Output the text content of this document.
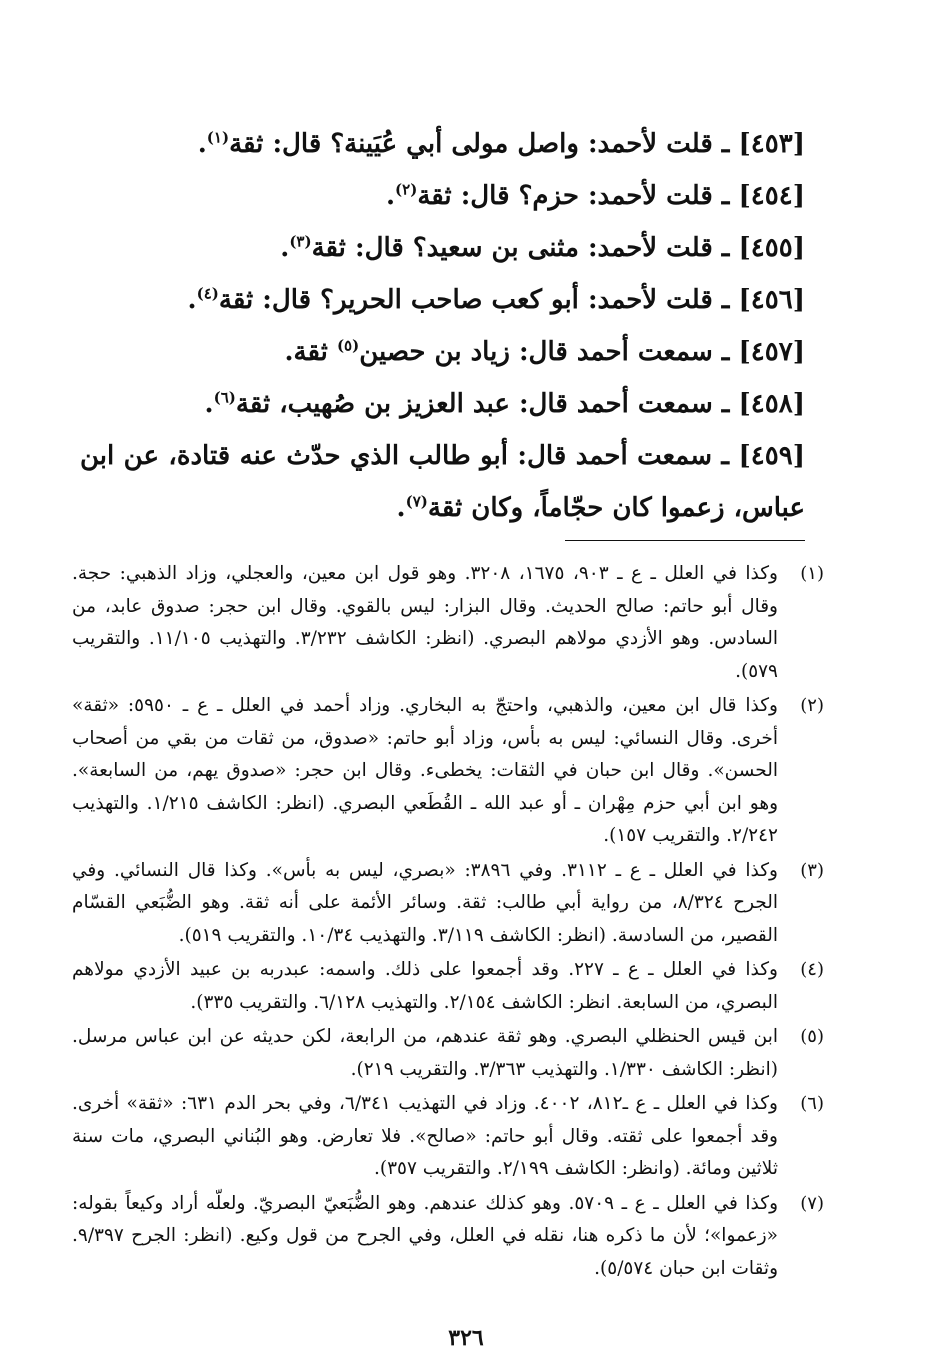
[٤٥٣] ـ قلت لأحمد: واصل مولى أبي عُيَينة؟ قال: ثقة$^{(١)}$.
[٤٥٤] ـ قلت لأحمد: حزم؟ قال: ثقة$^{(٢)}$.
[٤٥٥] ـ قلت لأحمد: مثنى بن سعيد؟ قال: ثقة$^{(٣)}$.
[٤٥٦] ـ قلت لأحمد: أبو كعب صاحب الحرير؟ قال: ثقة$^{(٤)}$.
[٤٥٧] ـ سمعت أحمد قال: زياد بن حصين$^{(٥)}$ ثقة.
[٤٥٨] ـ سمعت أحمد قال: عبد العزيز بن صُهيب، ثقة$^{(٦)}$.
[٤٥٩] ـ سمعت أحمد قال: أبو طالب الذي حدّث عنه قتادة، عن ابن عباس، زعموا كان حجّاماً، وكان ثقة$^{(٧)}$.
(١)
وكذا في العلل ـ ع ـ ٩٠٣، ١٦٧٥، ٣٢٠٨. وهو قول ابن معين، والعجلي، وزاد الذهبي: حجة. وقال أبو حاتم: صالح الحديث. وقال البزار: ليس بالقوي. وقال ابن حجر: صدوق عابد، من السادس. وهو الأزدي مولاهم البصري. (انظر: الكاشف ٣/٢٣٢. والتهذيب ١١/١٠٥. والتقريب ٥٧٩).
(٢)
وكذا قال ابن معين، والذهبي، واحتجّ به البخاري. وزاد أحمد في العلل ـ ع ـ ٥٩٥٠: «ثقة» أخرى. وقال النسائي: ليس به بأس، وزاد أبو حاتم: «صدوق، من ثقات من بقي من أصحاب الحسن». وقال ابن حبان في الثقات: يخطىء. وقال ابن حجر: «صدوق يهم، من السابعة». وهو ابن أبي حزم مِهْران ـ أو عبد الله ـ القُطَعي البصري. (انظر: الكاشف ١/٢١٥. والتهذيب ٢/٢٤٢. والتقريب ١٥٧).
(٣)
وكذا في العلل ـ ع ـ ٣١١٢. وفي ٣٨٩٦: «بصري، ليس به بأس». وكذا قال النسائي. وفي الجرح ٨/٣٢٤، من رواية أبي طالب: ثقة. وسائر الأئمة على أنه ثقة. وهو الضُّبَعي القسّام القصير، من السادسة. (انظر: الكاشف ٣/١١٩. والتهذيب ١٠/٣٤. والتقريب ٥١٩).
(٤)
وكذا في العلل ـ ع ـ ٢٢٧. وقد أجمعوا على ذلك. واسمه: عبدربه بن عبيد الأزدي مولاهم البصري، من السابعة. انظر: الكاشف ٢/١٥٤. والتهذيب ٦/١٢٨. والتقريب ٣٣٥).
(٥)
ابن قيس الحنظلي البصري. وهو ثقة عندهم، من الرابعة، لكن حديثه عن ابن عباس مرسل. (انظر: الكاشف ١/٣٣٠. والتهذيب ٣/٣٦٣. والتقريب ٢١٩).
(٦)
وكذا في العلل ـ ع ـ٨١٢، ٤٠٠٢. وزاد في التهذيب ٦/٣٤١، وفي بحر الدم ٦٣١: «ثقة» أخرى. وقد أجمعوا على ثقته. وقال أبو حاتم: «صالح». فلا تعارض. وهو البُناني البصري، مات سنة ثلاثين ومائة. (وانظر: الكاشف ٢/١٩٩. والتقريب ٣٥٧).
(٧)
وكذا في العلل ـ ع ـ ٥٧٠٩. وهو كذلك عندهم. وهو الضُّبَعيّ البصريّ. ولعلّه أراد وكيعاً بقوله: «زعموا»؛ لأن ما ذكره هنا، نقله في العلل، وفي الجرح من قول وكيع. (انظر: الجرح ٩/٣٩٧. وثقات ابن حبان ٥/٥٧٤).
٣٢٦
